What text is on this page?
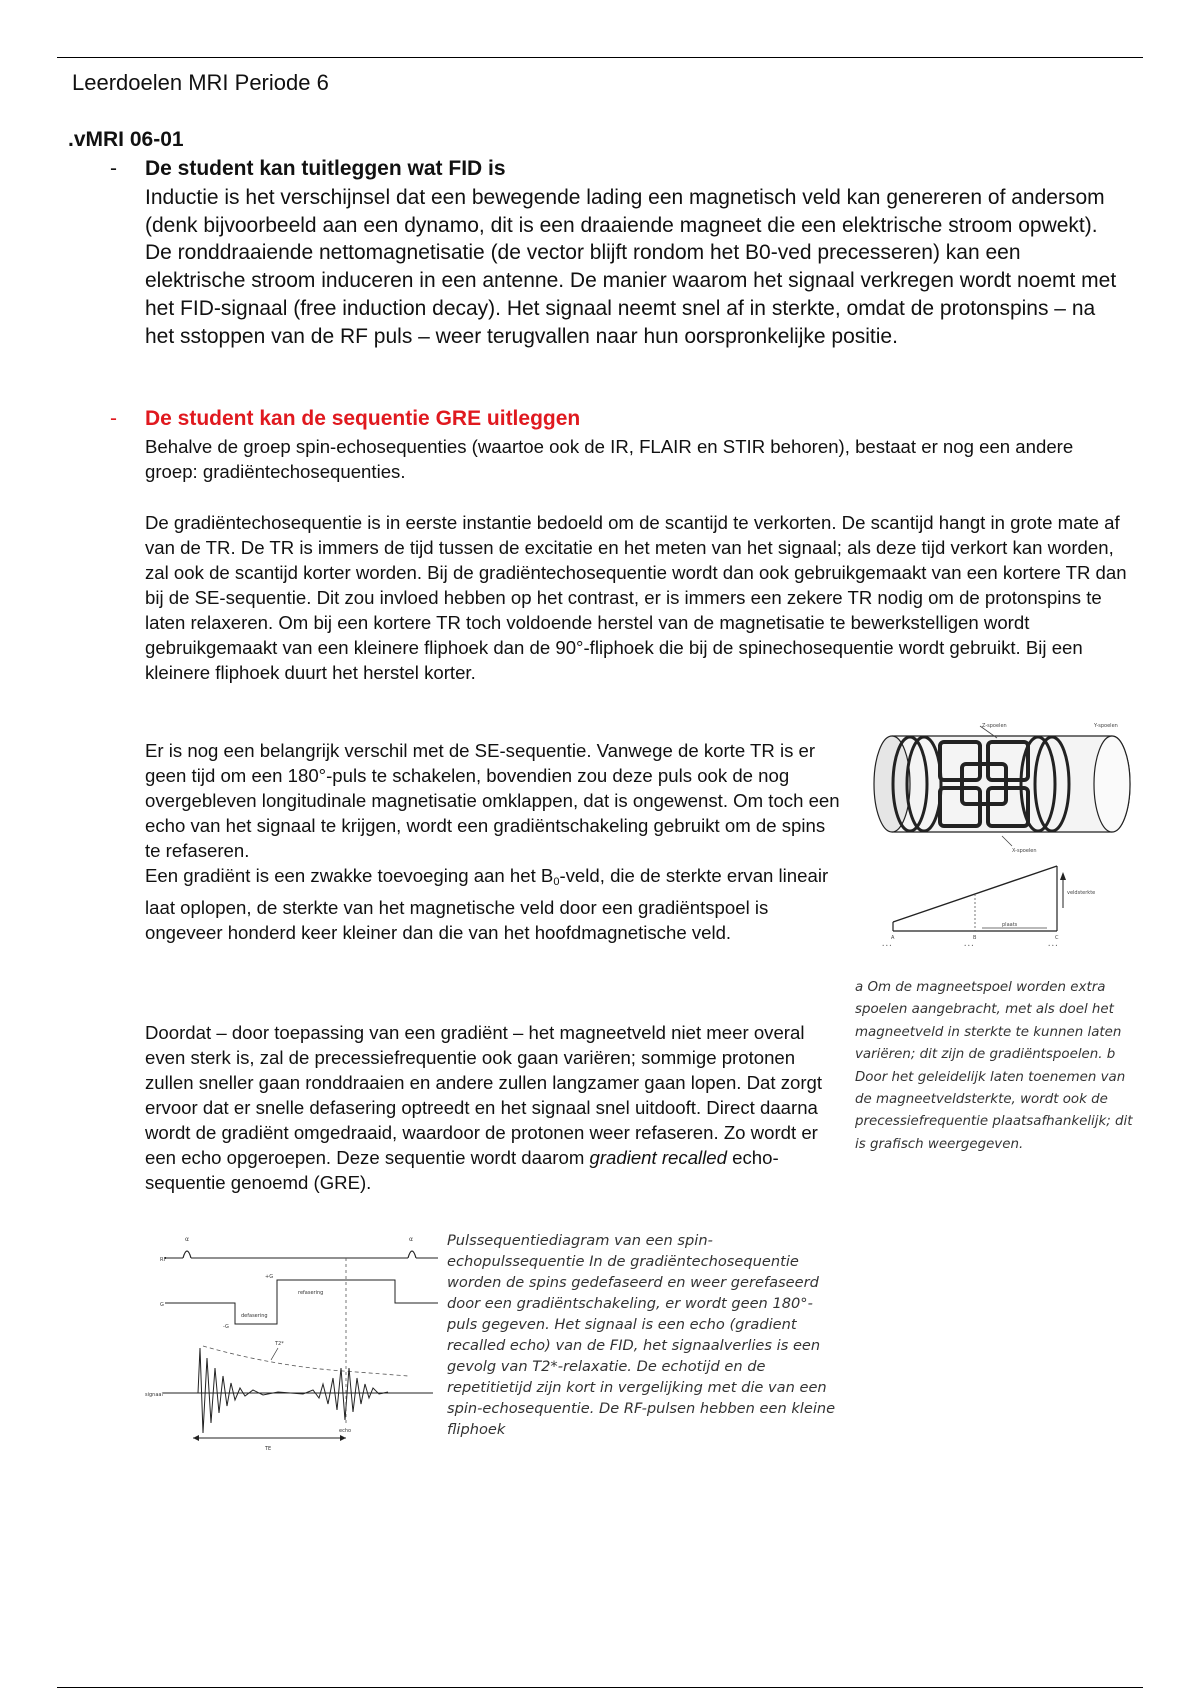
Leerdoelen MRI Periode 6
.vMRI 06-01
- De student kan tuitleggen wat FID is
Inductie is het verschijnsel dat een bewegende lading een magnetisch veld kan genereren of andersom (denk bijvoorbeeld aan een dynamo, dit is een draaiende magneet die een elektrische stroom opwekt). De ronddraaiende nettomagnetisatie (de vector blijft rondom het B0-ved precesseren) kan een elektrische stroom induceren in een antenne. De manier waarom het signaal verkregen wordt noemt met het FID-signaal (free induction decay). Het signaal neemt snel af in sterkte, omdat de protonspins – na het sstoppen van de RF puls – weer terugvallen naar hun oorspronkelijke positie.
- De student kan de sequentie GRE uitleggen
Behalve de groep spin-echosequenties (waartoe ook de IR, FLAIR en STIR behoren), bestaat er nog een andere groep: gradiëntechosequenties.
De gradiëntechosequentie is in eerste instantie bedoeld om de scantijd te verkorten. De scantijd hangt in grote mate af van de TR. De TR is immers de tijd tussen de excitatie en het meten van het signaal; als deze tijd verkort kan worden, zal ook de scantijd korter worden. Bij de gradiëntechosequentie wordt dan ook gebruikgemaakt van een kortere TR dan bij de SE-sequentie. Dit zou invloed hebben op het contrast, er is immers een zekere TR nodig om de protonspins te laten relaxeren. Om bij een kortere TR toch voldoende herstel van de magnetisatie te bewerkstelligen wordt gebruikgemaakt van een kleinere fliphoek dan de 90°-fliphoek die bij de spinechosequentie wordt gebruikt. Bij een kleinere fliphoek duurt het herstel korter.
Er is nog een belangrijk verschil met de SE-sequentie. Vanwege de korte TR is er geen tijd om een 180°-puls te schakelen, bovendien zou deze puls ook de nog overgebleven longitudinale magnetisatie omklappen, dat is ongewenst. Om toch een echo van het signaal te krijgen, wordt een gradiëntschakeling gebruikt om de spins te refaseren.
Een gradiënt is een zwakke toevoeging aan het $B_0$-veld, die de sterkte ervan lineair laat oplopen, de sterkte van het magnetische veld door een gradiëntspoel is ongeveer honderd keer kleiner dan die van het hoofdmagnetische veld.
Doordat – door toepassing van een gradiënt – het magneetveld niet meer overal even sterk is, zal de precessiefrequentie ook gaan variëren; sommige protonen zullen sneller gaan ronddraaien en andere zullen langzamer gaan lopen. Dat zorgt ervoor dat er snelle defasering optreedt en het signaal snel uitdooft. Direct daarna wordt de gradiënt omgedraaid, waardoor de protonen weer refaseren. Zo wordt er een echo opgeroepen. Deze sequentie wordt daarom gradient recalled echo-sequentie genoemd (GRE).
Z-spoelen	Y-spoelen
X-spoelen
veldsterkte
plaats
A	B	C
• • •	• • •	• • •
a Om de magneetspoel worden extra spoelen aangebracht, met als doel het magneetveld in sterkte te kunnen laten variëren; dit zijn de gradiëntspoelen. b Door het geleidelijk laten toenemen van de magneetveldsterkte, wordt ook de precessiefrequentie plaatsafhankelijk; dit is grafisch weergegeven.
α	α
RF
G
+G
-G
refasering
defasering
T2*
signaal
echo
TE
Pulssequentiediagram van een spin-echopulssequentie In de gradiëntechosequentie worden de spins gedefaseerd en weer gerefaseerd door een gradiëntschakeling, er wordt geen 180°-puls gegeven. Het signaal is een echo (gradient recalled echo) van de FID, het signaalverlies is een gevolg van T2*-relaxatie. De echotijd en de repetitietijd zijn kort in vergelijking met die van een spin-echosequentie. De RF-pulsen hebben een kleine fliphoek
